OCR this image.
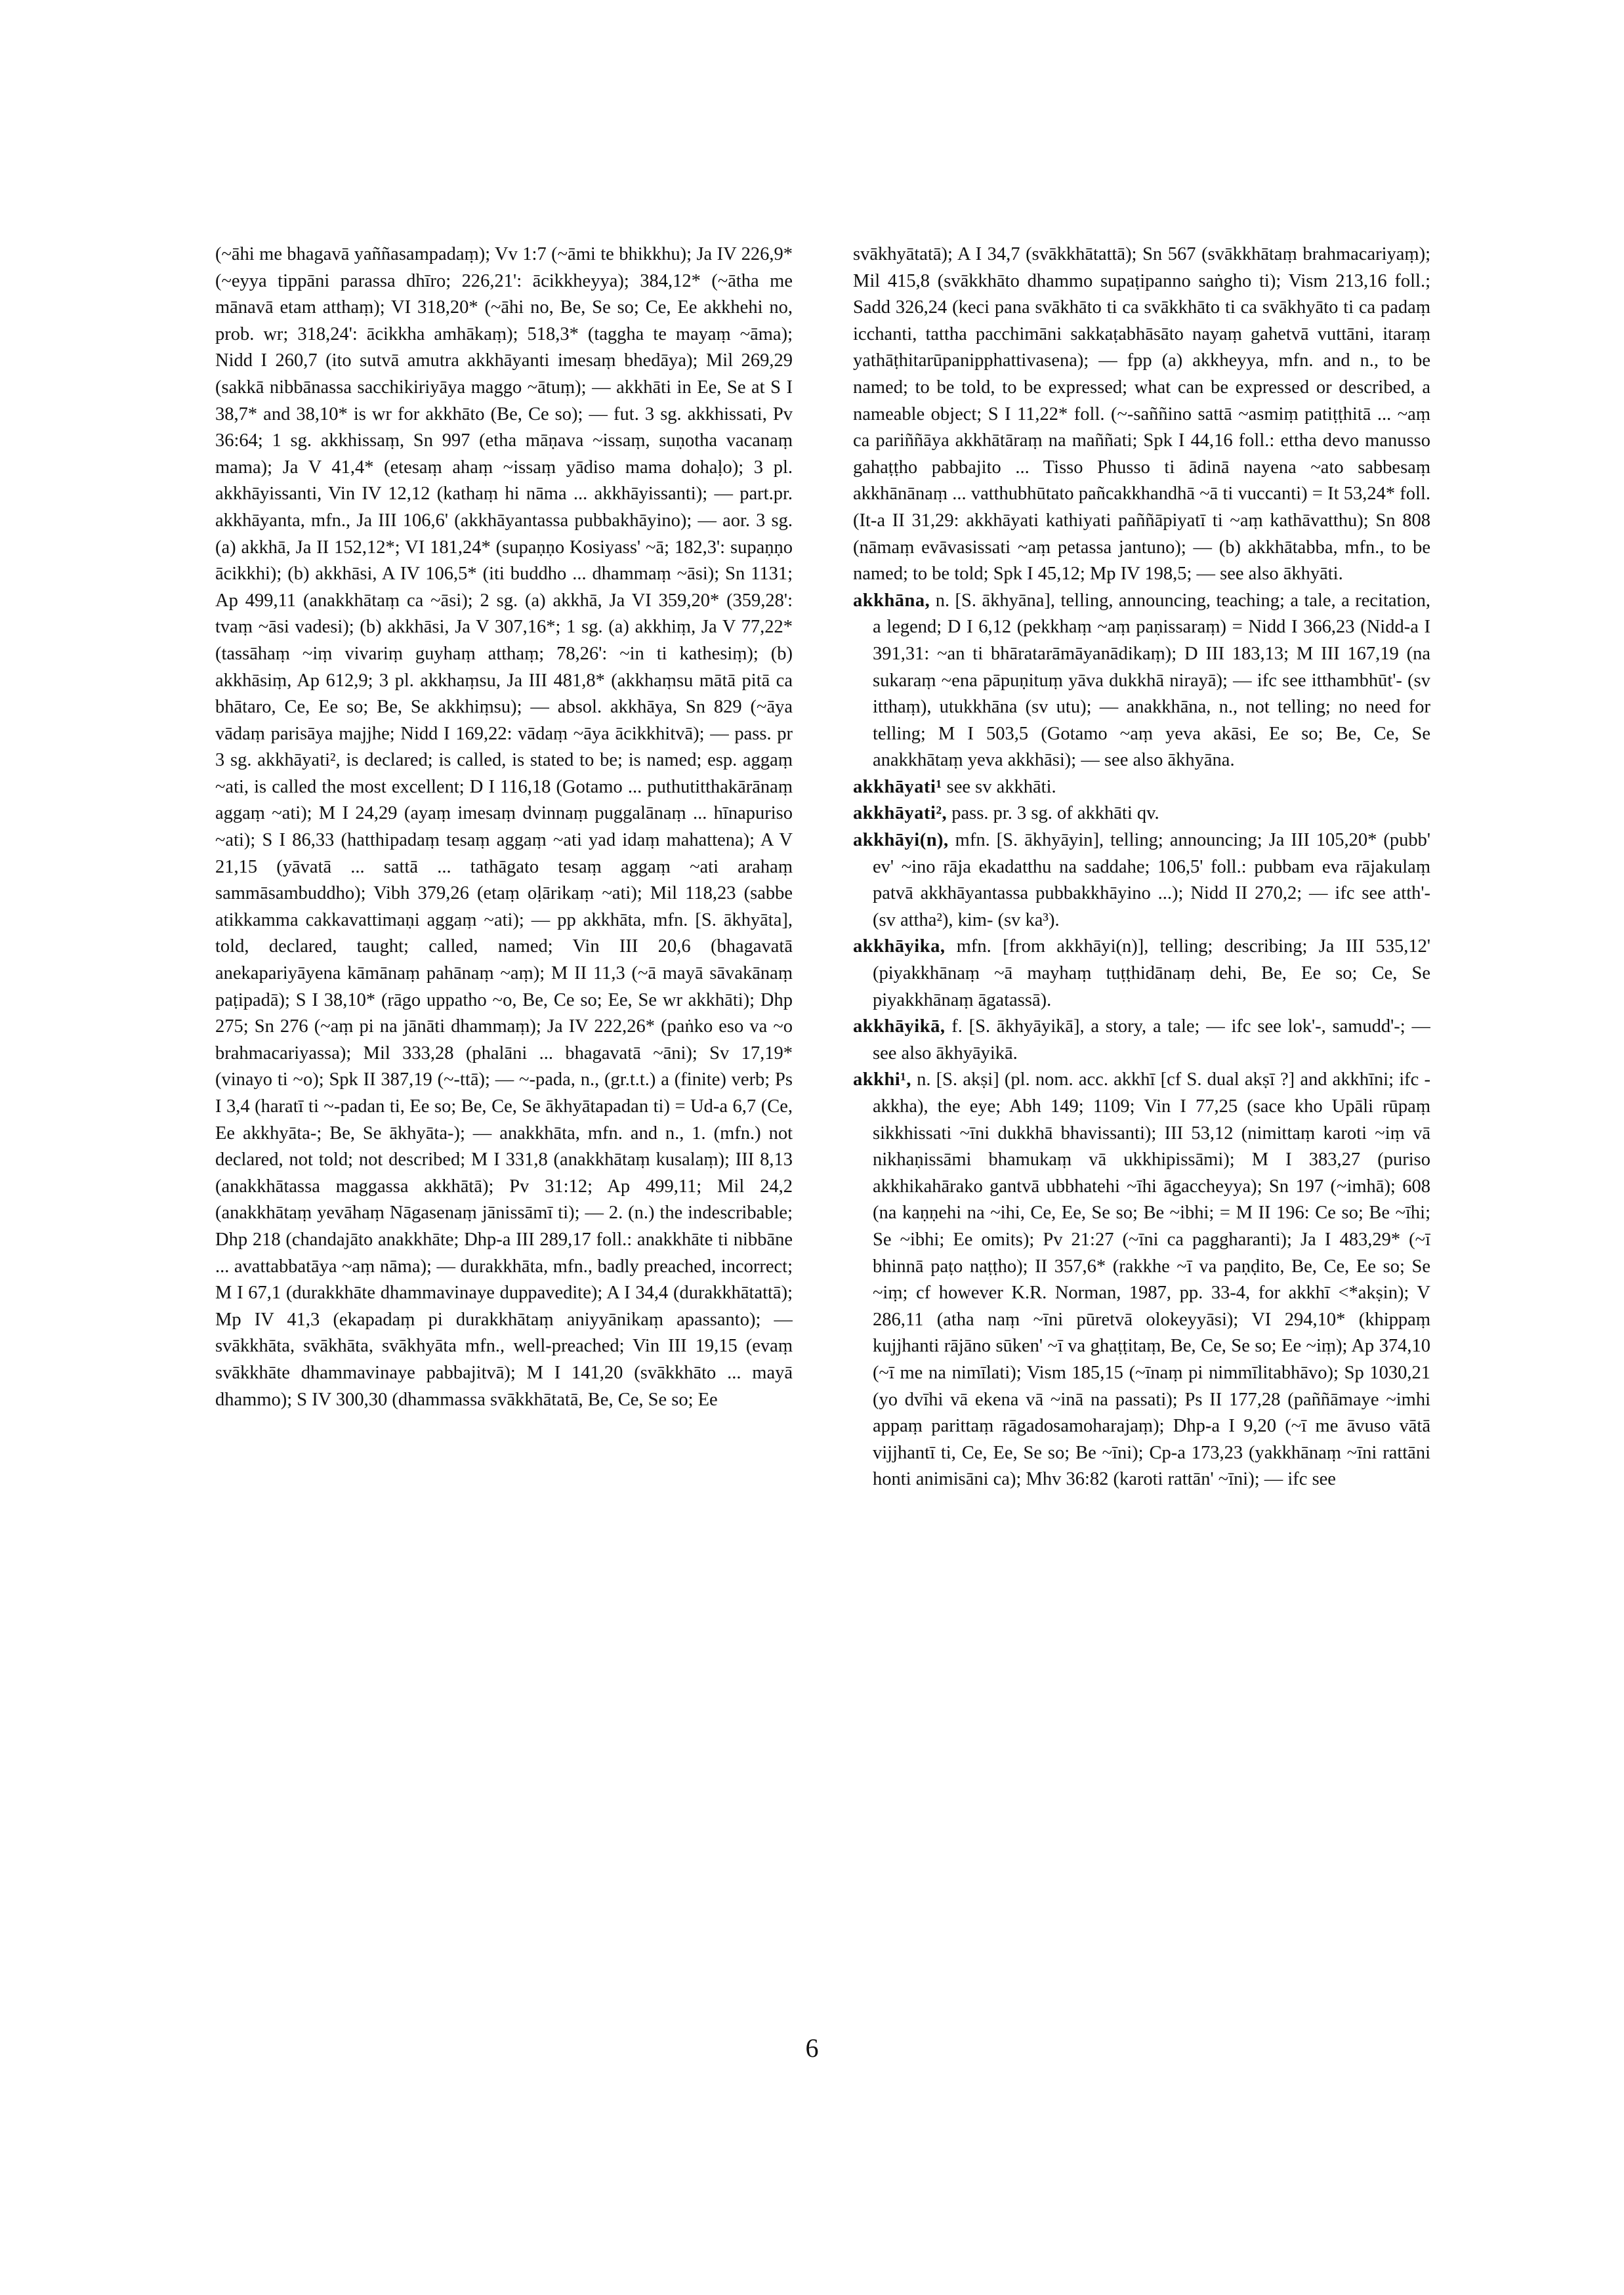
(~āhi me bhagavā yaññasampadaṃ); Vv 1:7 (~āmi te bhikkhu); Ja IV 226,9* (~eyya tippāni parassa dhīro; 226,21': ācikkheyya); 384,12* (~ātha me mānavā etam atthaṃ); VI 318,20* (~āhi no, Be, Se so; Ce, Ee akkhehi no, prob. wr; 318,24': ācikkha amhākaṃ); 518,3* (taggha te mayaṃ ~āma); Nidd I 260,7 (ito sutvā amutra akkhāyanti imesaṃ bhedāya); Mil 269,29 (sakkā nibbānassa sacchikiriyāya maggo ~ātuṃ); — akkhāti in Ee, Se at S I 38,7* and 38,10* is wr for akkhāto (Be, Ce so); — fut. 3 sg. akkhissati, Pv 36:64; 1 sg. akkhissaṃ, Sn 997 (etha māṇava ~issaṃ, suṇotha vacanaṃ mama); Ja V 41,4* (etesaṃ ahaṃ ~issaṃ yādiso mama dohaḷo); 3 pl. akkhāyissanti, Vin IV 12,12 (kathaṃ hi nāma ... akkhāyissanti); — part.pr. akkhāyanta, mfn., Ja III 106,6' (akkhāyantassa pubbakhāyino); — aor. 3 sg. (a) akkhā, Ja II 152,12*; VI 181,24* (supaṇṇo Kosiyass' ~ā; 182,3': supaṇṇo ācikkhi); (b) akkhāsi, A IV 106,5* (iti buddho ... dhammaṃ ~āsi); Sn 1131; Ap 499,11 (anakkhātaṃ ca ~āsi); 2 sg. (a) akkhā, Ja VI 359,20* (359,28': tvaṃ ~āsi vadesi); (b) akkhāsi, Ja V 307,16*; 1 sg. (a) akkhiṃ, Ja V 77,22* (tassāhaṃ ~iṃ vivariṃ guyhaṃ atthaṃ; 78,26': ~in ti kathesiṃ); (b) akkhāsiṃ, Ap 612,9; 3 pl. akkhaṃsu, Ja III 481,8* (akkhaṃsu mātā pitā ca bhātaro, Ce, Ee so; Be, Se akkhiṃsu); — absol. akkhāya, Sn 829 (~āya vādaṃ parisāya majjhe; Nidd I 169,22: vādaṃ ~āya ācikkhitvā); — pass. pr 3 sg. akkhāyati², is declared; is called, is stated to be; is named; esp. aggaṃ ~ati, is called the most excellent; D I 116,18 (Gotamo ... puthutitthakārānaṃ aggaṃ ~ati); M I 24,29 (ayaṃ imesaṃ dvinnaṃ puggalānaṃ ... hīnapuriso ~ati); S I 86,33 (hatthipadaṃ tesaṃ aggaṃ ~ati yad idaṃ mahattena); A V 21,15 (yāvatā ... sattā ... tathāgato tesaṃ aggaṃ ~ati arahaṃ sammāsambuddho); Vibh 379,26 (etaṃ oḷārikaṃ ~ati); Mil 118,23 (sabbe atikkamma cakkavattimaṇi aggaṃ ~ati); — pp akkhāta, mfn. [S. ākhyāta], told, declared, taught; called, named; Vin III 20,6 (bhagavatā anekapariyāyena kāmānaṃ pahānaṃ ~aṃ); M II 11,3 (~ā mayā sāvakānaṃ paṭipadā); S I 38,10* (rāgo uppatho ~o, Be, Ce so; Ee, Se wr akkhāti); Dhp 275; Sn 276 (~aṃ pi na jānāti dhammaṃ); Ja IV 222,26* (paṅko eso va ~o brahmacariyassa); Mil 333,28 (phalāni ... bhagavatā ~āni); Sv 17,19* (vinayo ti ~o); Spk II 387,19 (~-ttā); — ~-pada, n., (gr.t.t.) a (finite) verb; Ps I 3,4 (haratī ti ~-padan ti, Ee so; Be, Ce, Se ākhyātapadan ti) = Ud-a 6,7 (Ce, Ee akkhyāta-; Be, Se ākhyāta-); — anakkhāta, mfn. and n., 1. (mfn.) not declared, not told; not described; M I 331,8 (anakkhātaṃ kusalaṃ); III 8,13 (anakkhātassa maggassa akkhātā); Pv 31:12; Ap 499,11; Mil 24,2 (anakkhātaṃ yevāhaṃ Nāgasenaṃ jānissāmī ti); — 2. (n.) the indescribable; Dhp 218 (chandajāto anakkhāte; Dhp-a III 289,17 foll.: anakkhāte ti nibbāne ... avattabbatāya ~aṃ nāma); — durakkhāta, mfn., badly preached, incorrect; M I 67,1 (durakkhāte dhammavinaye duppavedite); A I 34,4 (durakkhātattā); Mp IV 41,3 (ekapadaṃ pi durakkhātaṃ aniyyānikaṃ apassanto); — svākkhāta, svākhāta, svākhyāta mfn., well-preached; Vin III 19,15 (evaṃ svākkhāte dhammavinaye pabbajitvā); M I 141,20 (svākkhāto ... mayā dhammo); S IV 300,30 (dhammassa svākkhātatā, Be, Ce, Se so; Ee

svākhyātatā); A I 34,7 (svākkhātattā); Sn 567 (svākkhātaṃ brahmacariyaṃ); Mil 415,8 (svākkhāto dhammo supaṭipanno saṅgho ti); Vism 213,16 foll.; Sadd 326,24 (keci pana svākhāto ti ca svākkhāto ti ca svākhyāto ti ca padaṃ icchanti, tattha pacchimāni sakkaṭabhāsāto nayaṃ gahetvā vuttāni, itaraṃ yathāṭhitarūpanipphattivasena); — fpp (a) akkheyya, mfn. and n., to be named; to be told, to be expressed; what can be expressed or described, a nameable object; S I 11,22* foll. (~-saññino sattā ~asmiṃ patiṭṭhitā ... ~aṃ ca pariññāya akkhātāraṃ na maññati; Spk I 44,16 foll.: ettha devo manusso gahaṭṭho pabbajito ... Tisso Phusso ti ādinā nayena ~ato sabbesaṃ akkhānānaṃ ... vatthubhūtato pañcakkhandhā ~ā ti vuccanti) = It 53,24* foll. (It-a II 31,29: akkhāyati kathiyati paññāpiyatī ti ~aṃ kathāvatthu); Sn 808 (nāmaṃ evāvasissati ~aṃ petassa jantuno); — (b) akkhātabba, mfn., to be named; to be told; Spk I 45,12; Mp IV 198,5; — see also ākhyāti.

akkhāna, n. [S. ākhyāna], telling, announcing, teaching; a tale, a recitation, a legend; D I 6,12 (pekkhaṃ ~aṃ paṇissaraṃ) = Nidd I 366,23 (Nidd-a I 391,31: ~an ti bhāratarāmāyanādikaṃ); D III 183,13; M III 167,19 (na sukaraṃ ~ena pāpuṇituṃ yāva dukkhā nirayā); — ifc see itthambhūt'- (sv itthaṃ), utukkhāna (sv utu); — anakkhāna, n., not telling; no need for telling; M I 503,5 (Gotamo ~aṃ yeva akāsi, Ee so; Be, Ce, Se anakkhātaṃ yeva akkhāsi); — see also ākhyāna.

akkhāyati¹ see sv akkhāti.

akkhāyati², pass. pr. 3 sg. of akkhāti qv.

akkhāyi(n), mfn. [S. ākhyāyin], telling; announcing; Ja III 105,20* (pubb' ev' ~ino rāja ekadatthu na saddahe; 106,5' foll.: pubbam eva rājakulaṃ patvā akkhāyantassa pubbakkhāyino ...); Nidd II 270,2; — ifc see atth'- (sv attha²), kim- (sv ka³).

akkhāyika, mfn. [from akkhāyi(n)], telling; describing; Ja III 535,12' (piyakkhānaṃ ~ā mayhaṃ tuṭṭhidānaṃ dehi, Be, Ee so; Ce, Se piyakkhānaṃ āgatassā).

akkhāyikā, f. [S. ākhyāyikā], a story, a tale; — ifc see lok'-, samudd'-; — see also ākhyāyikā.

akkhi¹, n. [S. akṣi] (pl. nom. acc. akkhī [cf S. dual akṣī ?] and akkhīni; ifc -akkha), the eye; Abh 149; 1109; Vin I 77,25 (sace kho Upāli rūpaṃ sikkhissati ~īni dukkhā bhavissanti); III 53,12 (nimittaṃ karoti ~iṃ vā nikhaṇissāmi bhamukaṃ vā ukkhipissāmi); M I 383,27 (puriso akkhikahārako gantvā ubbhatehi ~īhi āgaccheyya); Sn 197 (~imhā); 608 (na kaṇṇehi na ~ihi, Ce, Ee, Se so; Be ~ibhi; = M II 196: Ce so; Be ~īhi; Se ~ibhi; Ee omits); Pv 21:27 (~īni ca paggharanti); Ja I 483,29* (~ī bhinnā paṭo naṭṭho); II 357,6* (rakkhe ~ī va paṇḍito, Be, Ce, Ee so; Se ~iṃ; cf however K.R. Norman, 1987, pp. 33-4, for akkhī <*akṣin); V 286,11 (atha naṃ ~īni pūretvā olokeyyāsi); VI 294,10* (khippaṃ kujjhanti rājāno sūken' ~ī va ghaṭṭitaṃ, Be, Ce, Se so; Ee ~iṃ); Ap 374,10 (~ī me na nimīlati); Vism 185,15 (~īnaṃ pi nimmīlitabhāvo); Sp 1030,21 (yo dvīhi vā ekena vā ~inā na passati); Ps II 177,28 (paññāmaye ~imhi appaṃ parittaṃ rāgadosamoharajaṃ); Dhp-a I 9,20 (~ī me āvuso vātā vijjhantī ti, Ce, Ee, Se so; Be ~īni); Cp-a 173,23 (yakkhānaṃ ~īni rattāni honti animisāni ca); Mhv 36:82 (karoti rattān' ~īni); — ifc see

6
